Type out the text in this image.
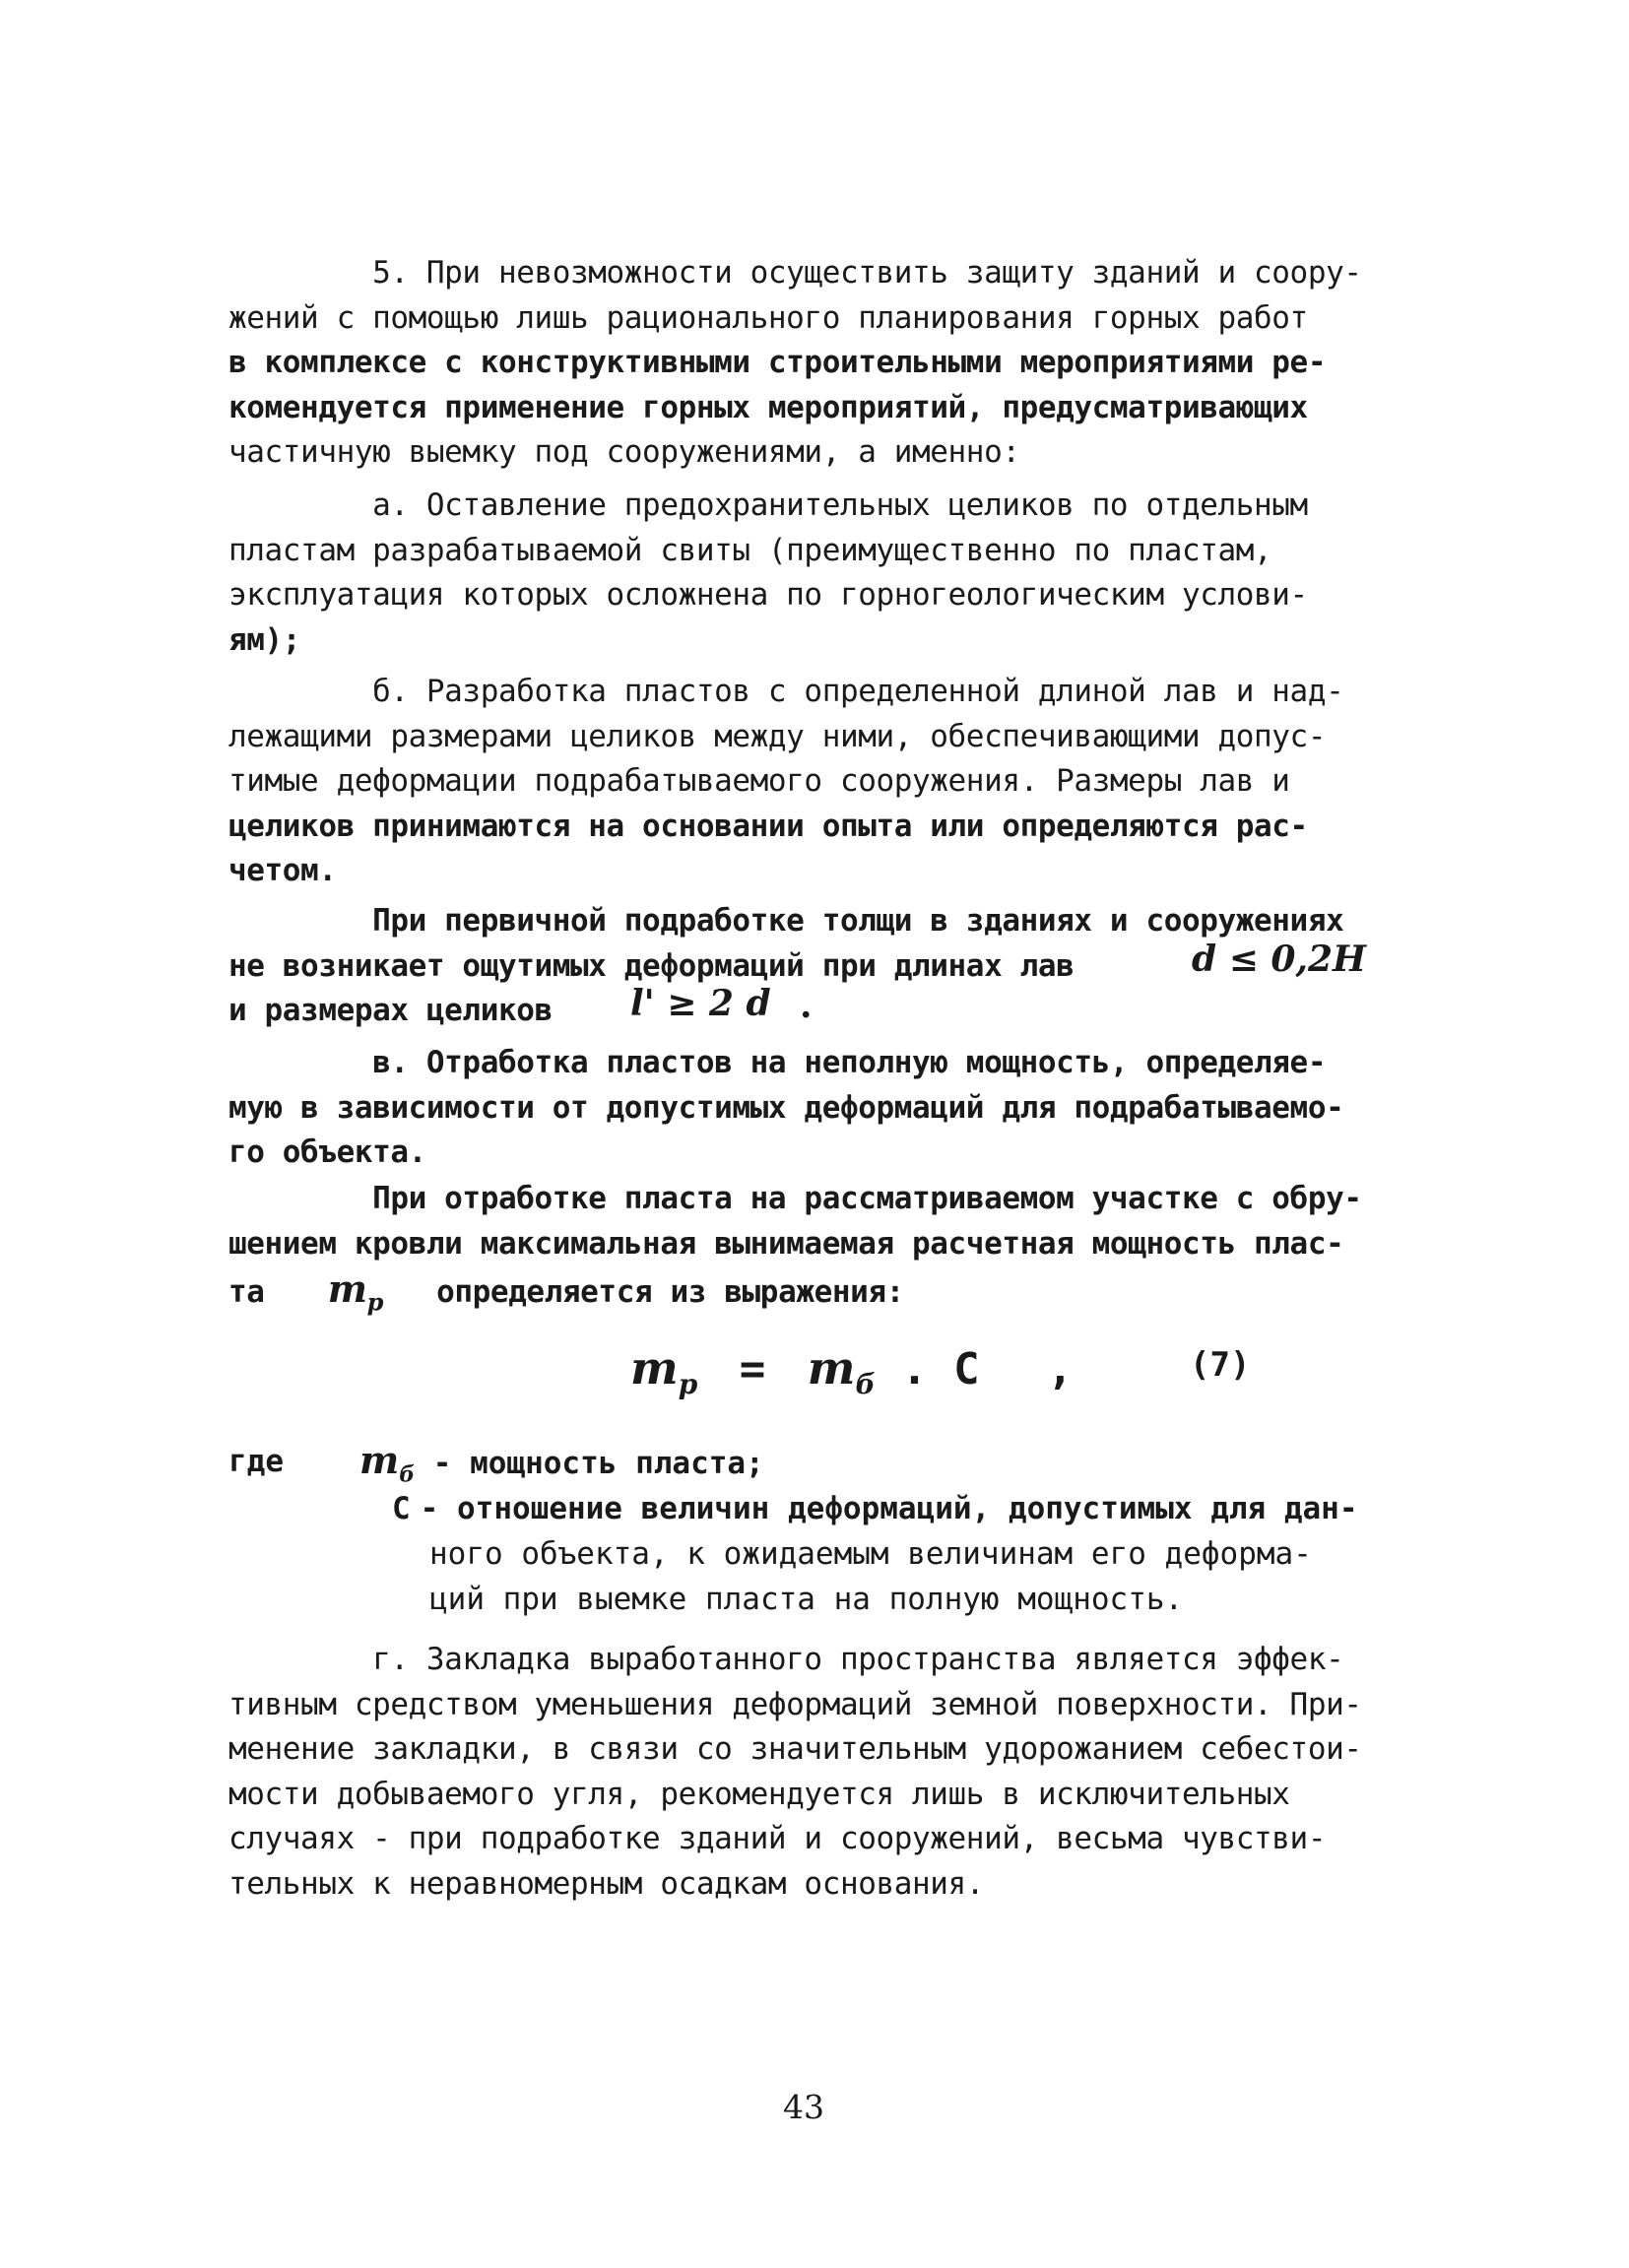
5. При невозможности осуществить защиту зданий и соору-
жений с помощью лишь рационального планирования горных работ
в комплексе с конструктивными строительными мероприятиями ре-
комендуется применение горных мероприятий, предусматривающих
частичную выемку под сооружениями, а именно:
а. Оставление предохранительных целиков по отдельным
пластам разрабатываемой свиты (преимущественно по пластам,
эксплуатация которых осложнена по горногеологическим услови-
ям);
б. Разработка пластов с определенной длиной лав и над-
лежащими размерами целиков между ними, обеспечивающими допус-
тимые деформации подрабатываемого сооружения. Размеры лав и
целиков принимаются на основании опыта или определяются рас-
четом.
При первичной подработке толщи в зданиях и сооружениях
не возникает ощутимых деформаций при длинах лав
и размерах целиков
d ≤ 0,2H
l' ≥ 2 d .
в. Отработка пластов на неполную мощность, определяе-
мую в зависимости от допустимых деформаций для подрабатываемо-
го объекта.
При отработке пласта на рассматриваемом участке с обру-
шением кровли максимальная вынимаемая расчетная мощность плас-
та $m_p$ определяется из выражения:
$m_p = m_б$ . C ,	(7)
где $m_б$ - мощность пласта;
C - отношение величин деформаций, допустимых для дан-
ного объекта, к ожидаемым величинам его деформа-
ций при выемке пласта на полную мощность.
г. Закладка выработанного пространства является эффек-
тивным средством уменьшения деформаций земной поверхности. При-
менение закладки, в связи со значительным удорожанием себестои-
мости добываемого угля, рекомендуется лишь в исключительных
случаях - при подработке зданий и сооружений, весьма чувстви-
тельных к неравномерным осадкам основания.
43
